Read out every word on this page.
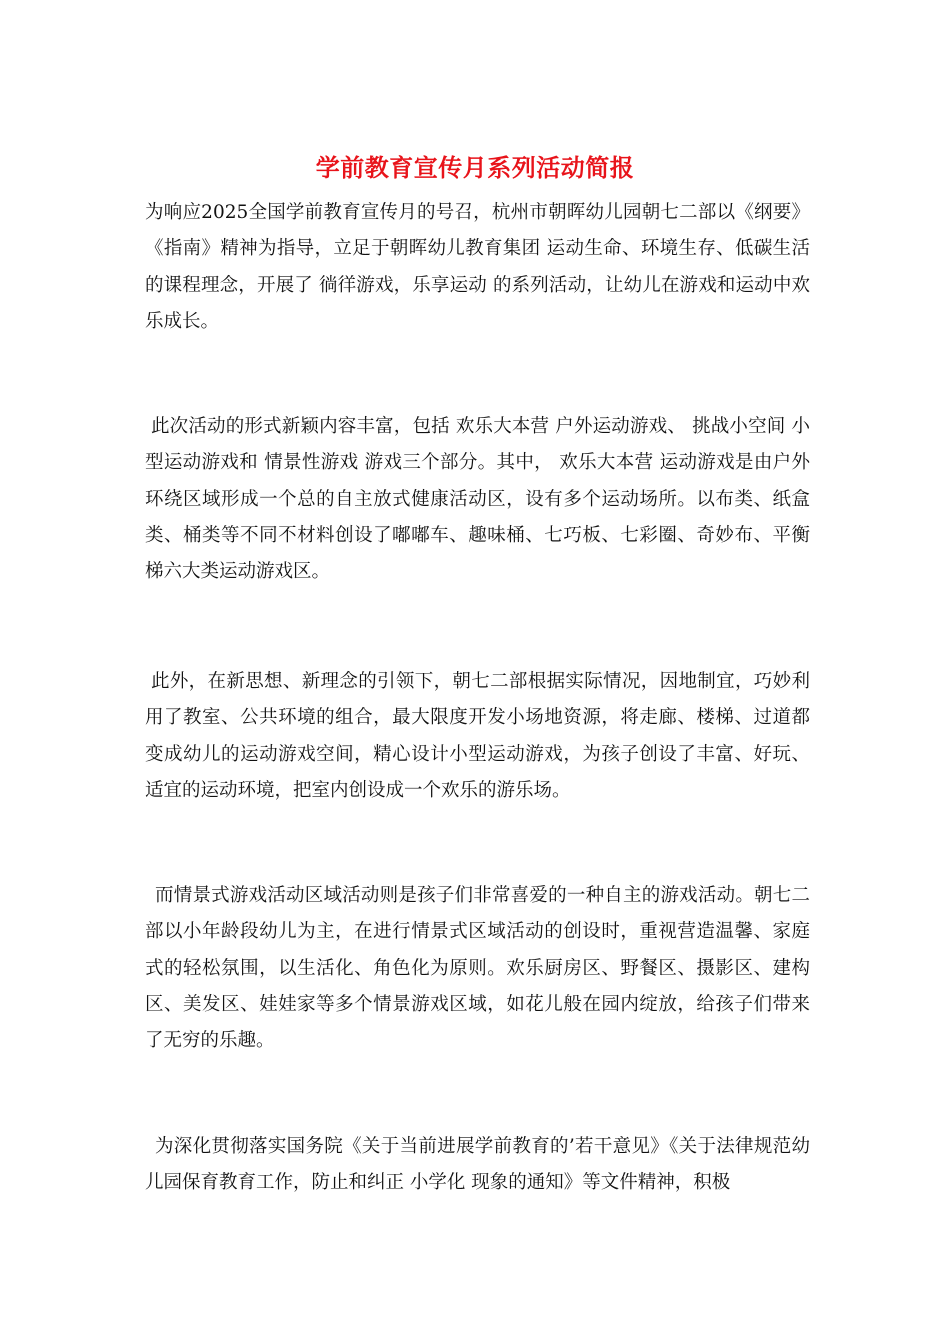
学前教育宣传月系列活动简报
为响应2025全国学前教育宣传月的号召，杭州市朝晖幼儿园朝七二部以《纲要》《指南》精神为指导，立足于朝晖幼儿教育集团 运动生命、环境生存、低碳生活 的课程理念，开展了 徜徉游戏，乐享运动 的系列活动，让幼儿在游戏和运动中欢乐成长。
此次活动的形式新颖内容丰富，包括 欢乐大本营 户外运动游戏、 挑战小空间 小型运动游戏和 情景性游戏 游戏三个部分。其中， 欢乐大本营 运动游戏是由户外环绕区域形成一个总的自主放式健康活动区，设有多个运动场所。以布类、纸盒类、桶类等不同不材料创设了嘟嘟车、趣味桶、七巧板、七彩圈、奇妙布、平衡梯六大类运动游戏区。
此外，在新思想、新理念的引领下，朝七二部根据实际情况，因地制宜，巧妙利用了教室、公共环境的组合，最大限度开发小场地资源，将走廊、楼梯、过道都变成幼儿的运动游戏空间，精心设计小型运动游戏，为孩子创设了丰富、好玩、适宜的运动环境，把室内创设成一个欢乐的游乐场。
而情景式游戏活动区域活动则是孩子们非常喜爱的一种自主的游戏活动。朝七二部以小年龄段幼儿为主，在进行情景式区域活动的创设时，重视营造温馨、家庭式的轻松氛围，以生活化、角色化为原则。欢乐厨房区、野餐区、摄影区、建构区、美发区、娃娃家等多个情景游戏区域，如花儿般在园内绽放，给孩子们带来了无穷的乐趣。
为深化贯彻落实国务院《关于当前进展学前教育的’若干意见》《关于法律规范幼儿园保育教育工作，防止和纠正 小学化 现象的通知》等文件精神，积极
